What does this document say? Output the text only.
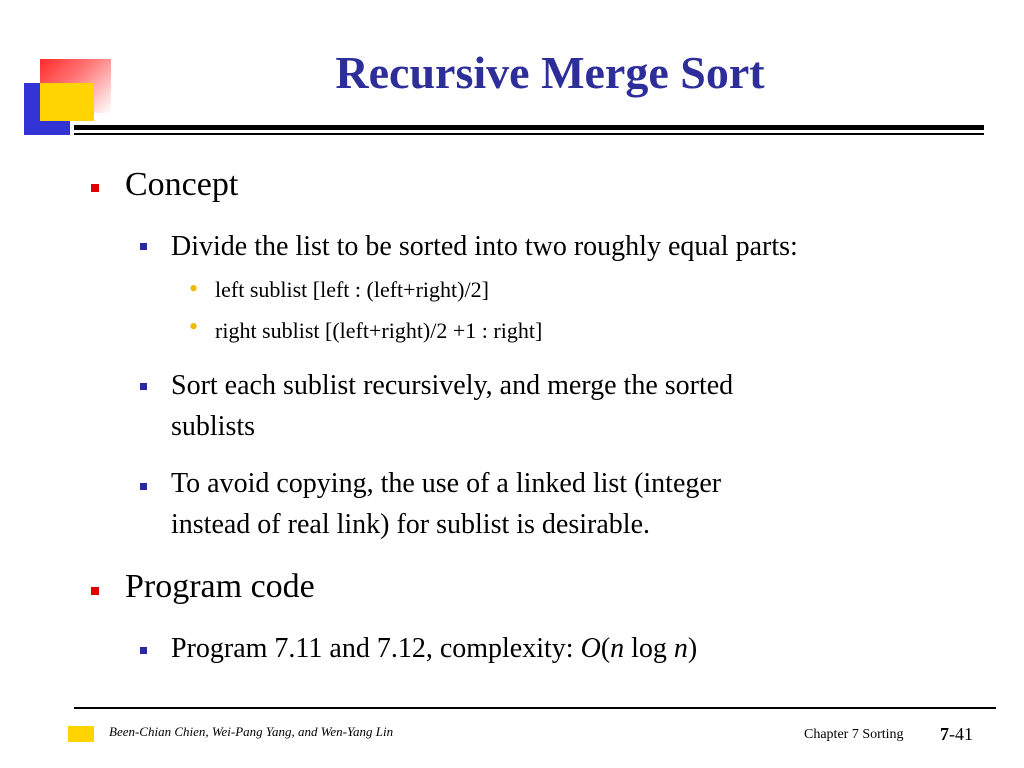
Recursive Merge Sort
Concept
Divide the list to be sorted into two roughly equal parts:
• left sublist [left : (left+right)/2]
• right sublist [(left+right)/2 +1 : right]
Sort each sublist recursively, and merge the sorted
sublists
To avoid copying, the use of a linked list (integer
instead of real link) for sublist is desirable.
Program code
Program 7.11 and 7.12, complexity: O(n log n)
Been-Chian Chien, Wei-Pang Yang, and Wen-Yang Lin	Chapter 7 Sorting 7-41
